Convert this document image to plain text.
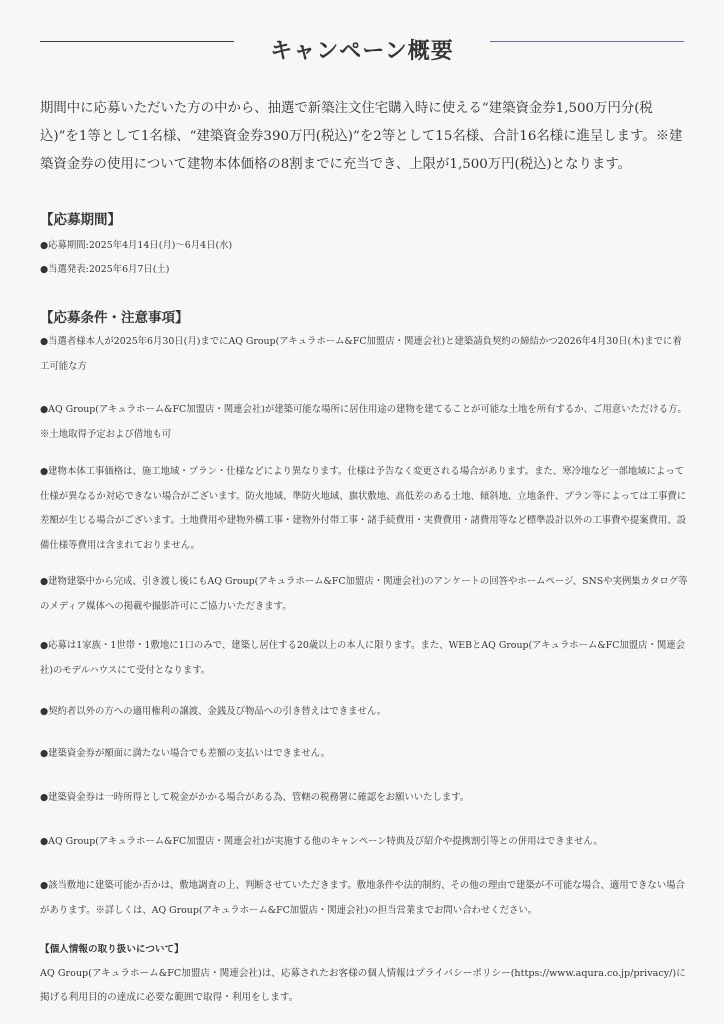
キャンペーン概要

期間中に応募いただいた方の中から、抽選で新築注文住宅購入時に使える“建築資金券1,500万円分(税込)”を1等として1名様、“建築資金券390万円(税込)”を2等として15名様、合計16名様に進呈します。※建築資金券の使用について建物本体価格の8割までに充当でき、上限が1,500万円(税込)となります。

【応募期間】

●応募期間:2025年4月14日(月)〜6月4日(水)

●当選発表:2025年6月7日(土)

【応募条件・注意事項】

●当選者様本人が2025年6月30日(月)までにAQ Group(アキュラホーム&FC加盟店・関連会社)と建築請負契約の締結かつ2026年4月30日(木)までに着工可能な方

●AQ Group(アキュラホーム&FC加盟店・関連会社)が建築可能な場所に居住用途の建物を建てることが可能な土地を所有するか、ご用意いただける方。※土地取得予定および借地も可

●建物本体工事価格は、施工地域・プラン・仕様などにより異なります。仕様は予告なく変更される場合があります。また、寒冷地など一部地域によって仕様が異なるか対応できない場合がございます。防火地域、準防火地域、旗状敷地、高低差のある土地、傾斜地、立地条件、プラン等によっては工事費に差額が生じる場合がございます。土地費用や建物外構工事・建物外付帯工事・諸手続費用・実費費用・諸費用等など標準設計以外の工事費や提案費用、設備仕様等費用は含まれておりません。

●建物建築中から完成、引き渡し後にもAQ Group(アキュラホーム&FC加盟店・関連会社)のアンケートの回答やホームページ、SNSや実例集カタログ等のメディア媒体への掲載や撮影許可にご協力いただきます。

●応募は1家族・1世帯・1敷地に1口のみで、建築し居住する20歳以上の本人に限ります。また、WEBとAQ Group(アキュラホーム&FC加盟店・関連会社)のモデルハウスにて受付となります。

●契約者以外の方への適用権利の譲渡、金銭及び物品への引き替えはできません。

●建築資金券が額面に満たない場合でも差額の支払いはできません。

●建築資金券は一時所得として税金がかかる場合がある為、管轄の税務署に確認をお願いいたします。

●AQ Group(アキュラホーム&FC加盟店・関連会社)が実施する他のキャンペーン特典及び紹介や提携割引等との併用はできません。

●該当敷地に建築可能か否かは、敷地調査の上、判断させていただきます。敷地条件や法的制約、その他の理由で建築が不可能な場合、適用できない場合があります。※詳しくは、AQ Group(アキュラホーム&FC加盟店・関連会社)の担当営業までお問い合わせください。

【個人情報の取り扱いについて】

AQ Group(アキュラホーム&FC加盟店・関連会社)は、応募されたお客様の個人情報はプライバシーポリシー(https://www.aqura.co.jp/privacy/)に掲げる利用目的の達成に必要な範囲で取得・利用をします。
